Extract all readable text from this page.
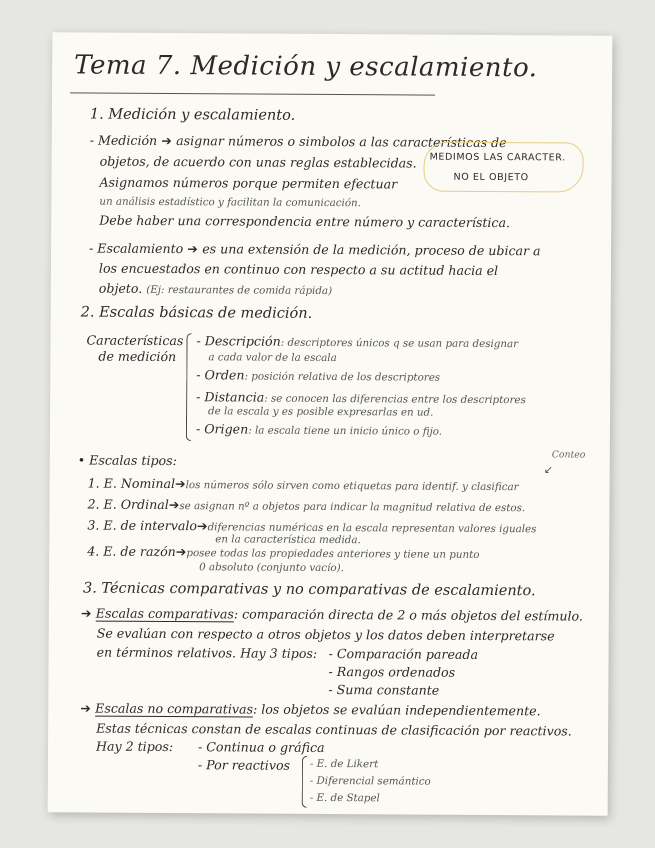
Tema 7. Medición y escalamiento.
1. Medición y escalamiento.
- Medición ➔ asignar números o simbolos a las características de
objetos, de acuerdo con unas reglas establecidas.
Asignamos números porque permiten efectuar
un análisis estadístico y facilitan la comunicación.
Debe haber una correspondencia entre número y característica.
MEDIMOS LAS CARACTER.
NO EL OBJETO
- Escalamiento ➔ es una extensión de la medición, proceso de ubicar a
los encuestados en continuo con respecto a su actitud hacia el
objeto. (Ej: restaurantes de comida rápida)
2. Escalas básicas de medición.
Características
de medición
- Descripción: descriptores únicos q se usan para designar
a cada valor de la escala
- Orden: posición relativa de los descriptores
- Distancia: se conocen las diferencias entre los descriptores
de la escala y es posible expresarlas en ud.
- Origen: la escala tiene un inicio único o fijo.
• Escalas tipos:	Conteo
↙
1. E. Nominal➔los números sólo sirven como etiquetas para identif. y clasificar
2. E. Ordinal➔se asignan nº a objetos para indicar la magnitud relativa de estos.
3. E. de intervalo➔diferencias numéricas en la escala representan valores iguales
en la característica medida.
4. E. de razón➔posee todas las propiedades anteriores y tiene un punto
0 absoluto (conjunto vacío).
3. Técnicas comparativas y no comparativas de escalamiento.
➔ Escalas comparativas: comparación directa de 2 o más objetos del estímulo.
Se evalúan con respecto a otros objetos y los datos deben interpretarse
en términos relativos. Hay 3 tipos: - Comparación pareada
- Rangos ordenados
- Suma constante
➔ Escalas no comparativas: los objetos se evalúan independientemente.
Estas técnicas constan de escalas continuas de clasificación por reactivos.
Hay 2 tipos: - Continua o gráfica
- Por reactivos - E. de Likert
- Diferencial semántico
- E. de Stapel
